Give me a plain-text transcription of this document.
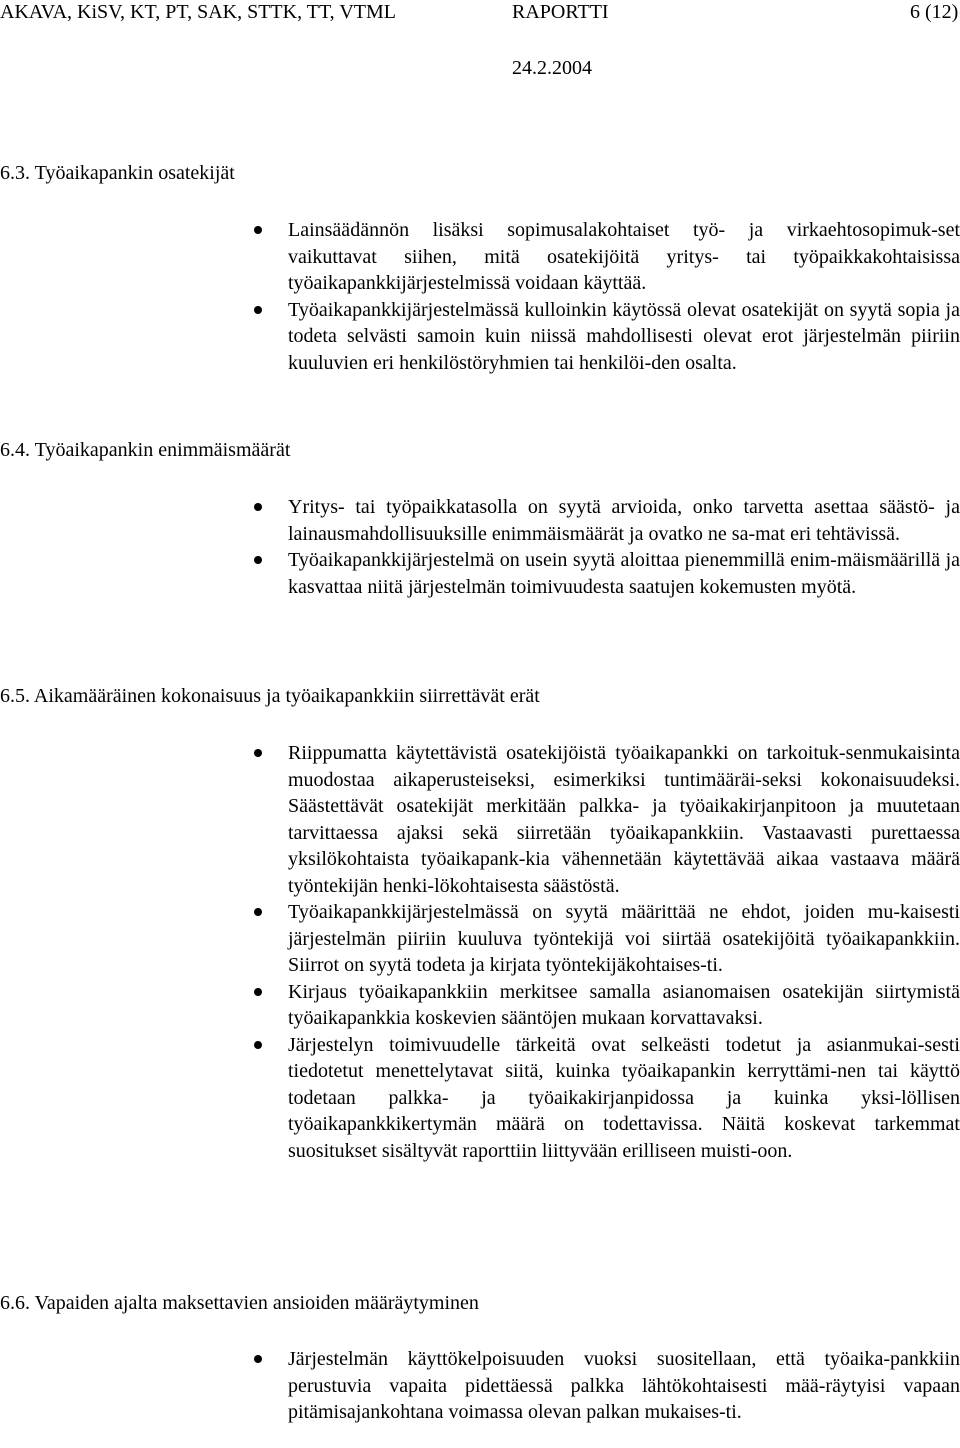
AKAVA, KiSV, KT, PT, SAK, STTK, TT, VTML	RAPORTTI	6 (12)
24.2.2004
6.3. Työaikapankin osatekijät
Lainsäädännön lisäksi sopimusalakohtaiset työ- ja virkaehtosopimuk-set vaikuttavat siihen, mitä osatekijöitä yritys- tai työpaikkakohtaisissa työaikapankkijärjestelmissä voidaan käyttää.
Työaikapankkijärjestelmässä kulloinkin käytössä olevat osatekijät on syytä sopia ja todeta selvästi samoin kuin niissä mahdollisesti olevat erot järjestelmän piiriin kuuluvien eri henkilöstöryhmien tai henkilöi-den osalta.
6.4. Työaikapankin enimmäismäärät
Yritys- tai työpaikkatasolla on syytä arvioida, onko tarvetta asettaa säästö- ja lainausmahdollisuuksille enimmäismäärät ja ovatko ne sa-mat eri tehtävissä.
Työaikapankkijärjestelmä on usein syytä aloittaa pienemmillä enim-mäismäärillä ja kasvattaa niitä järjestelmän toimivuudesta saatujen kokemusten myötä.
6.5. Aikamääräinen kokonaisuus ja työaikapankkiin siirrettävät erät
Riippumatta käytettävistä osatekijöistä työaikapankki on tarkoituk-senmukaisinta muodostaa aikaperusteiseksi, esimerkiksi tuntimääräi-seksi kokonaisuudeksi. Säästettävät osatekijät merkitään palkka- ja työaikakirjanpitoon ja muutetaan tarvittaessa ajaksi sekä siirretään työaikapankkiin. Vastaavasti purettaessa yksilökohtaista työaikapank-kia vähennetään käytettävää aikaa vastaava määrä työntekijän henki-lökohtaisesta säästöstä.
Työaikapankkijärjestelmässä on syytä määrittää ne ehdot, joiden mu-kaisesti järjestelmän piiriin kuuluva työntekijä voi siirtää osatekijöitä työaikapankkiin. Siirrot on syytä todeta ja kirjata työntekijäkohtaises-ti.
Kirjaus työaikapankkiin merkitsee samalla asianomaisen osatekijän siirtymistä työaikapankkia koskevien sääntöjen mukaan korvattavaksi.
Järjestelyn toimivuudelle tärkeitä ovat selkeästi todetut ja asianmukai-sesti tiedotetut menettelytavat siitä, kuinka työaikapankin kerryttämi-nen tai käyttö todetaan palkka- ja työaikakirjanpidossa ja kuinka yksi-löllisen työaikapankkikertymän määrä on todettavissa. Näitä koskevat tarkemmat suositukset sisältyvät raporttiin liittyvään erilliseen muisti-oon.
6.6. Vapaiden ajalta maksettavien ansioiden määräytyminen
Järjestelmän käyttökelpoisuuden vuoksi suositellaan, että työaika-pankkiin perustuvia vapaita pidettäessä palkka lähtökohtaisesti mää-räytyisi vapaan pitämisajankohtana voimassa olevan palkan mukaises-ti.
